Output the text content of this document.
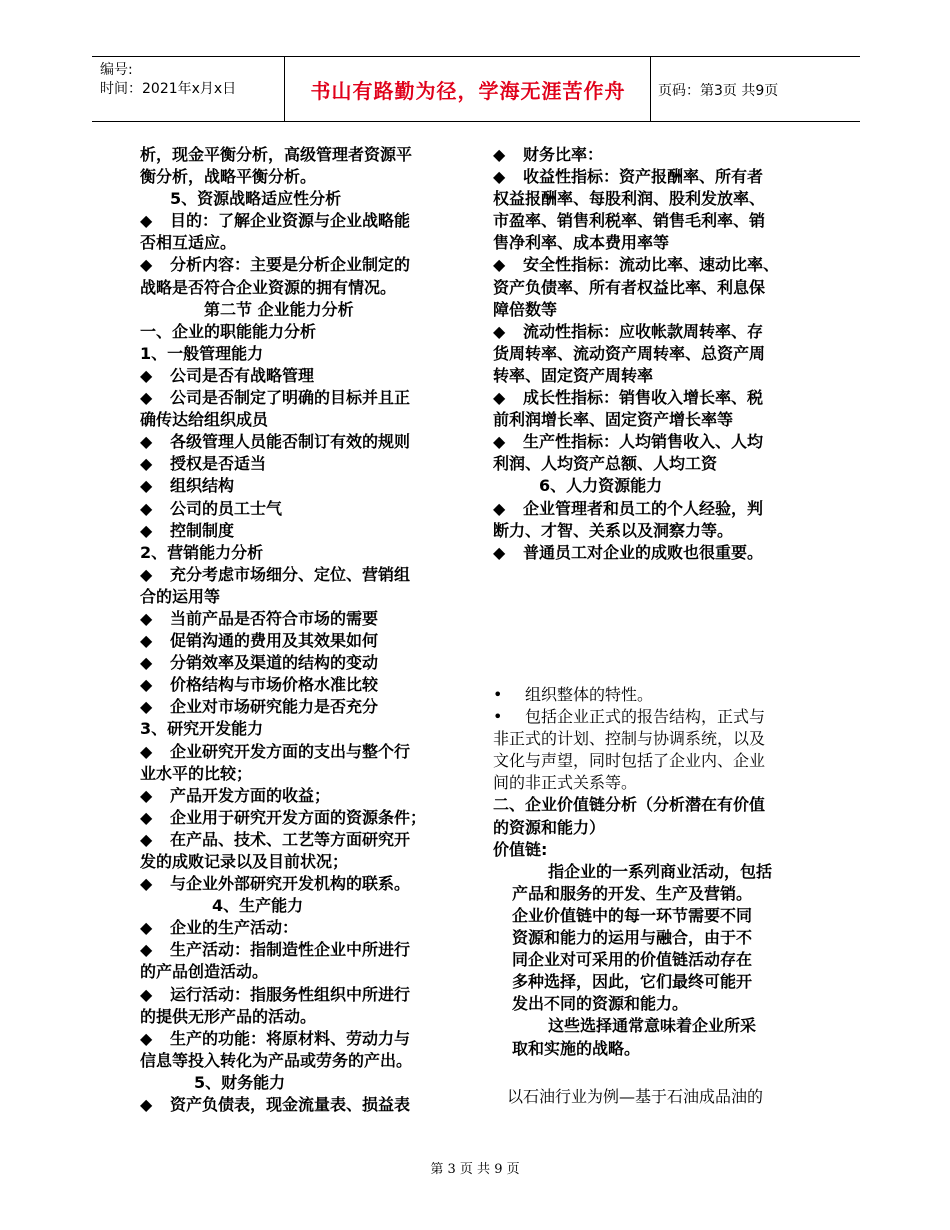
编号:
时间：2021年x月x日	书山有路勤为径，学海无涯苦作舟	页码：第3页 共9页
析，现金平衡分析，高级管理者资源平
衡分析，战略平衡分析。
5、资源战略适应性分析
◆ 目的：了解企业资源与企业战略能
否相互适应。
◆ 分析内容：主要是分析企业制定的
战略是否符合企业资源的拥有情况。
第二节 企业能力分析
一、企业的职能能力分析
1、一般管理能力
◆ 公司是否有战略管理
◆ 公司是否制定了明确的目标并且正
确传达给组织成员
◆ 各级管理人员能否制订有效的规则
◆ 授权是否适当
◆ 组织结构
◆ 公司的员工士气
◆ 控制制度
2、营销能力分析
◆ 充分考虑市场细分、定位、营销组
合的运用等
◆ 当前产品是否符合市场的需要
◆ 促销沟通的费用及其效果如何
◆ 分销效率及渠道的结构的变动
◆ 价格结构与市场价格水准比较
◆ 企业对市场研究能力是否充分
3、研究开发能力
◆ 企业研究开发方面的支出与整个行
业水平的比较；
◆ 产品开发方面的收益；
◆ 企业用于研究开发方面的资源条件；
◆ 在产品、技术、工艺等方面研究开
发的成败记录以及目前状况；
◆ 与企业外部研究开发机构的联系。
4、生产能力
◆ 企业的生产活动：
◆ 生产活动：指制造性企业中所进行
的产品创造活动。
◆ 运行活动：指服务性组织中所进行
的提供无形产品的活动。
◆ 生产的功能：将原材料、劳动力与
信息等投入转化为产品或劳务的产出。
5、财务能力
◆ 资产负债表，现金流量表、损益表
◆ 财务比率：
◆ 收益性指标：资产报酬率、所有者
权益报酬率、每股利润、股利发放率、
市盈率、销售利税率、销售毛利率、销
售净利率、成本费用率等
◆ 安全性指标：流动比率、速动比率、
资产负债率、所有者权益比率、利息保
障倍数等
◆ 流动性指标：应收帐款周转率、存
货周转率、流动资产周转率、总资产周
转率、固定资产周转率
◆ 成长性指标：销售收入增长率、税
前利润增长率、固定资产增长率等
◆ 生产性指标：人均销售收入、人均
利润、人均资产总额、人均工资
6、人力资源能力
◆ 企业管理者和员工的个人经验，判
断力、才智、关系以及洞察力等。
◆ 普通员工对企业的成败也很重要。
• 组织整体的特性。
• 包括企业正式的报告结构，正式与
非正式的计划、控制与协调系统，以及
文化与声望，同时包括了企业内、企业
间的非正式关系等。
二、企业价值链分析（分析潜在有价值
的资源和能力）
价值链:
指企业的一系列商业活动，包括
产品和服务的开发、生产及营销。
企业价值链中的每一环节需要不同
资源和能力的运用与融合，由于不
同企业对可采用的价值链活动存在
多种选择，因此，它们最终可能开
发出不同的资源和能力。
这些选择通常意味着企业所采
取和实施的战略。
以石油行业为例—基于石油成品油的
第 3 页 共 9 页
